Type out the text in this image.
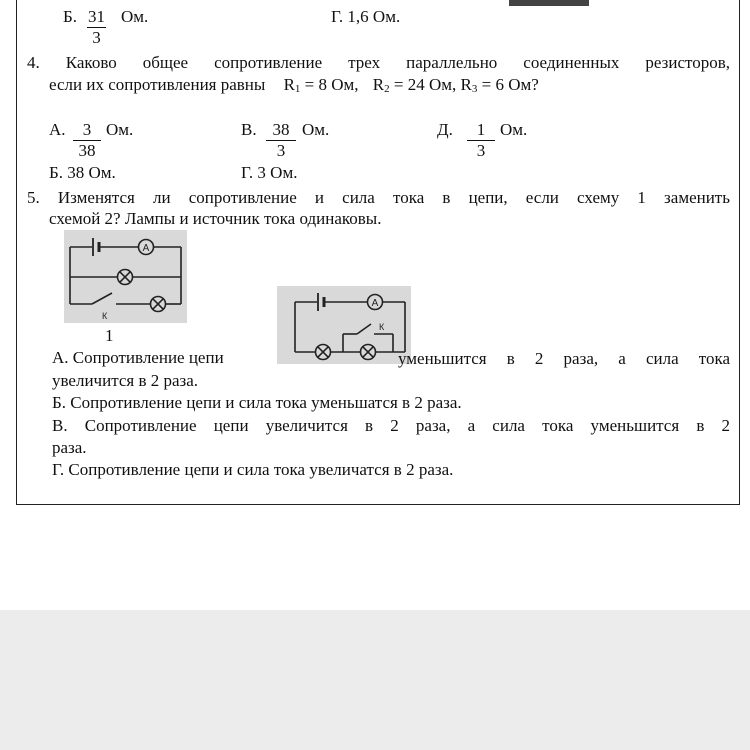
Б. $\frac{31}{3}$ Ом.	Г. 1,6 Ом.
4. Каково общее сопротивление трех параллельно соединенных резисторов,
если их сопротивления равны $R_1 = 8$ Ом, $R_2 = 24$ Ом, $R_3 = 6$ Ом?
А. $\frac{3}{38}$ Ом.	В. $\frac{38}{3}$ Ом.	Д. $\frac{1}{3}$ Ом.
Б. 38 Ом.	Г. 3 Ом.
5. Изменятся ли сопротивление и сила тока в цепи, если схему 1 заменить
схемой 2? Лампы и источник тока одинаковы.
A
К
1
A
К
А. Сопротивление цепи	уменьшится в 2 раза, а сила тока
увеличится в 2 раза.
Б. Сопротивление цепи и сила тока уменьшатся в 2 раза.
В. Сопротивление цепи увеличится в 2 раза, а сила тока уменьшится в 2
раза.
Г. Сопротивление цепи и сила тока увеличатся в 2 раза.
